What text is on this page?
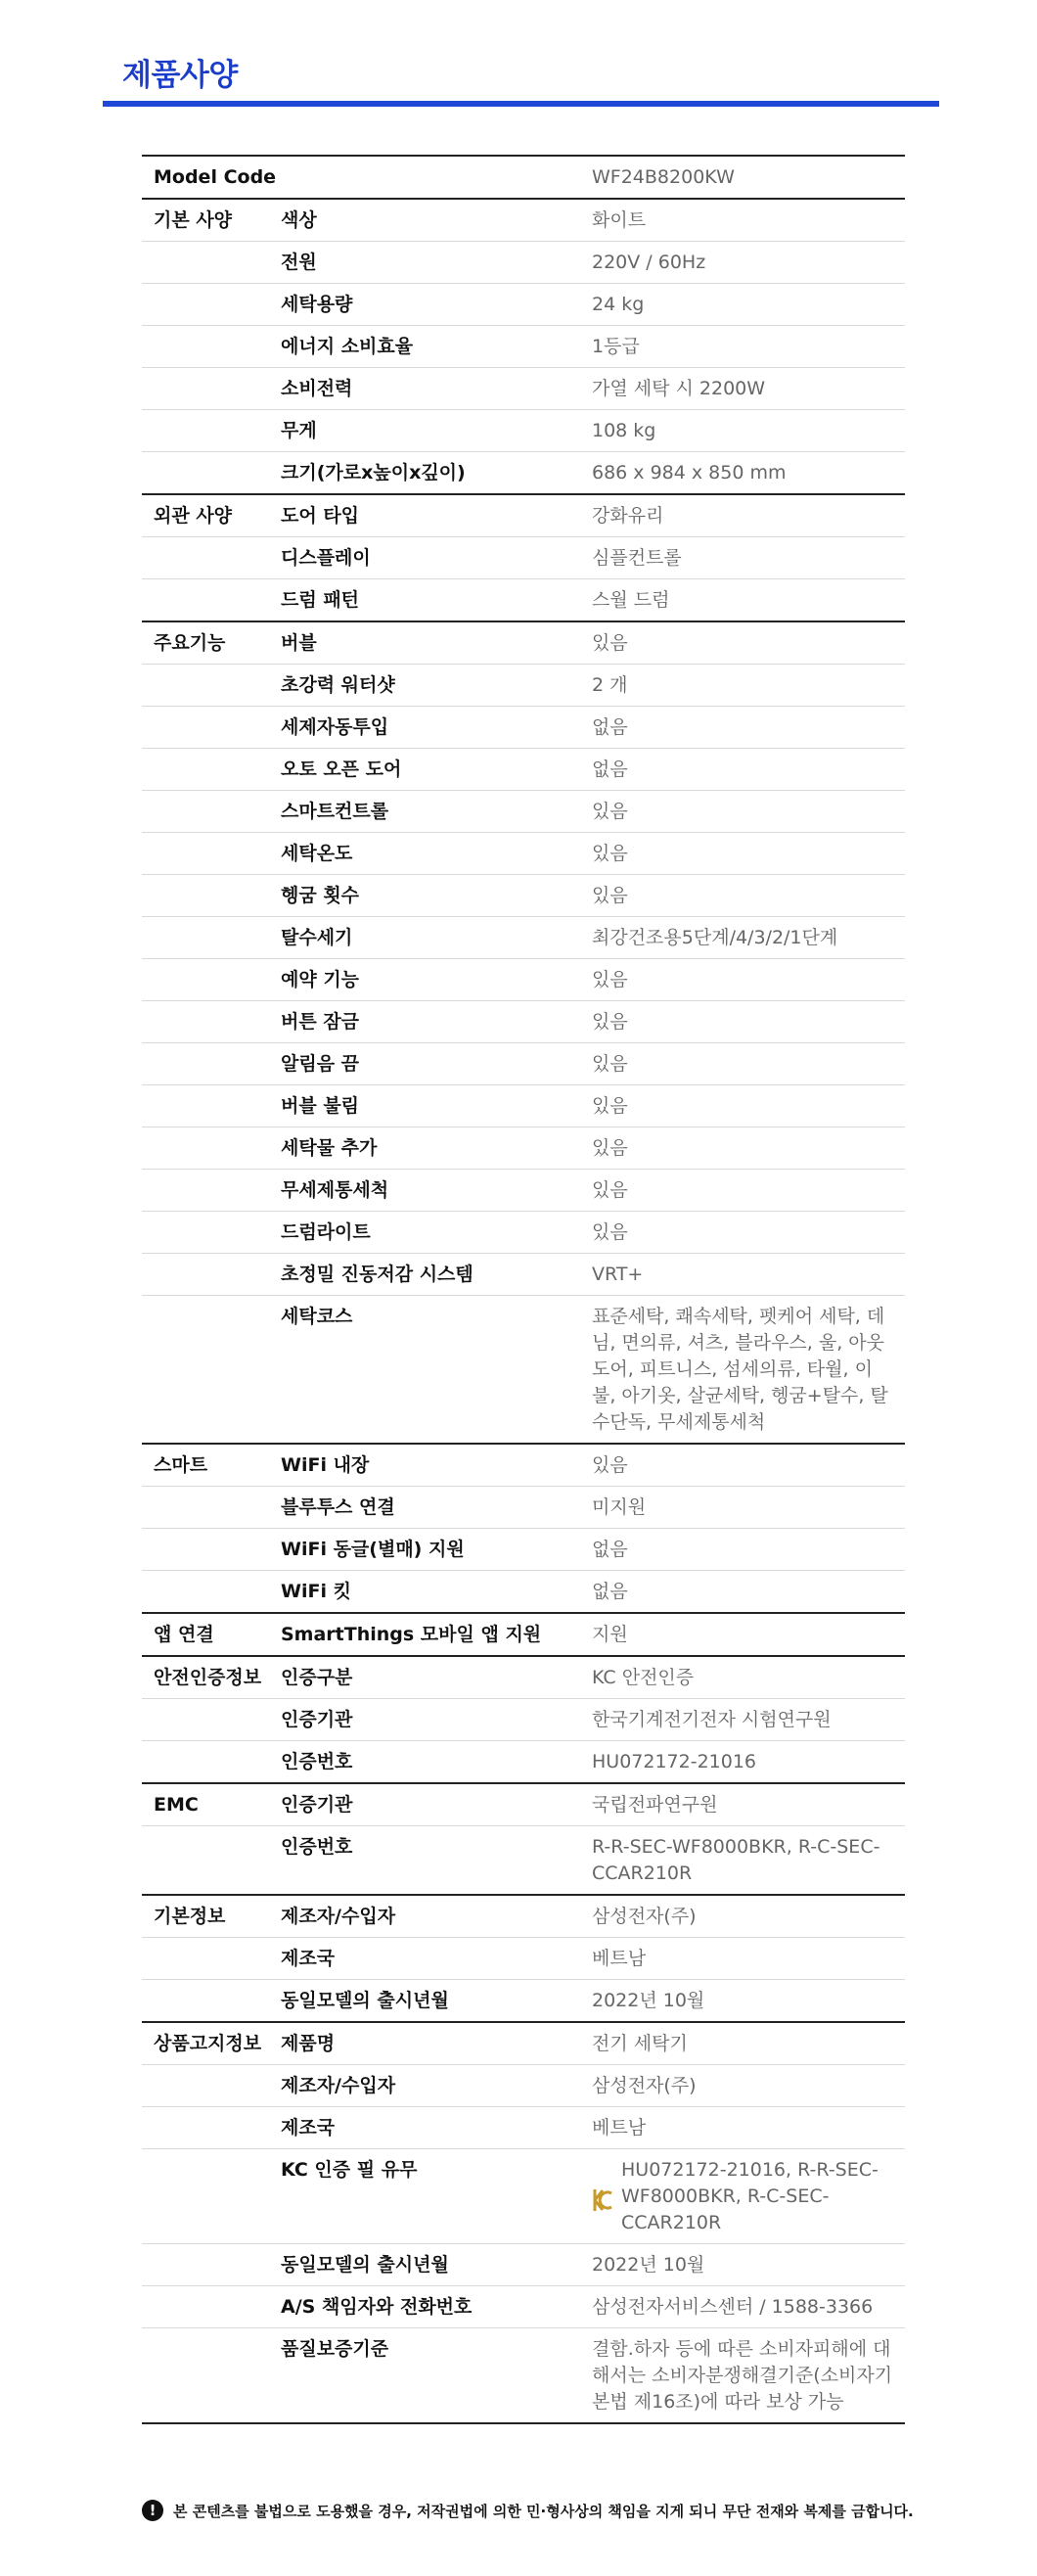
제품사양
Model Code		WF24B8200KW
기본 사양	색상	화이트
	전원	220V / 60Hz
	세탁용량	24 kg
	에너지 소비효율	1등급
	소비전력	가열 세탁 시 2200W
	무게	108 kg
	크기(가로x높이x깊이)	686 x 984 x 850 mm
외관 사양	도어 타입	강화유리
	디스플레이	심플컨트롤
	드럼 패턴	스월 드럼
주요기능	버블	있음
	초강력 워터샷	2 개
	세제자동투입	없음
	오토 오픈 도어	없음
	스마트컨트롤	있음
	세탁온도	있음
	헹굼 횟수	있음
	탈수세기	최강건조용5단계/4/3/2/1단계
	예약 기능	있음
	버튼 잠금	있음
	알림음 끔	있음
	버블 불림	있음
	세탁물 추가	있음
	무세제통세척	있음
	드럼라이트	있음
	초정밀 진동저감 시스템	VRT+
	세탁코스	표준세탁, 쾌속세탁, 펫케어 세탁, 데님, 면의류, 셔츠, 블라우스, 울, 아웃도어, 피트니스, 섬세의류, 타월, 이불, 아기옷, 살균세탁, 헹굼+탈수, 탈수단독, 무세제통세척
스마트	WiFi 내장	있음
	블루투스 연결	미지원
	WiFi 동글(별매) 지원	없음
	WiFi 킷	없음
앱 연결	SmartThings 모바일 앱 지원	지원
안전인증정보	인증구분	KC 안전인증
	인증기관	한국기계전기전자 시험연구원
	인증번호	HU072172-21016
EMC	인증기관	국립전파연구원
	인증번호	R-R-SEC-WF8000BKR, R-C-SEC-CCAR210R
기본정보	제조자/수입자	삼성전자(주)
	제조국	베트남
	동일모델의 출시년월	2022년 10월
상품고지정보	제품명	전기 세탁기
	제조자/수입자	삼성전자(주)
	제조국	베트남
	KC 인증 필 유무	HU072172-21016, R-R-SEC-WF8000BKR, R-C-SEC-CCAR210R

	동일모델의 출시년월	2022년 10월
	A/S 책임자와 전화번호	삼성전자서비스센터 / 1588-3366
	품질보증기준	결함.하자 등에 따른 소비자피해에 대해서는 소비자분쟁해결기준(소비자기본법 제16조)에 따라 보상 가능
!	본 콘텐츠를 불법으로 도용했을 경우, 저작권법에 의한 민·형사상의 책임을 지게 되니 무단 전재와 복제를 금합니다.
